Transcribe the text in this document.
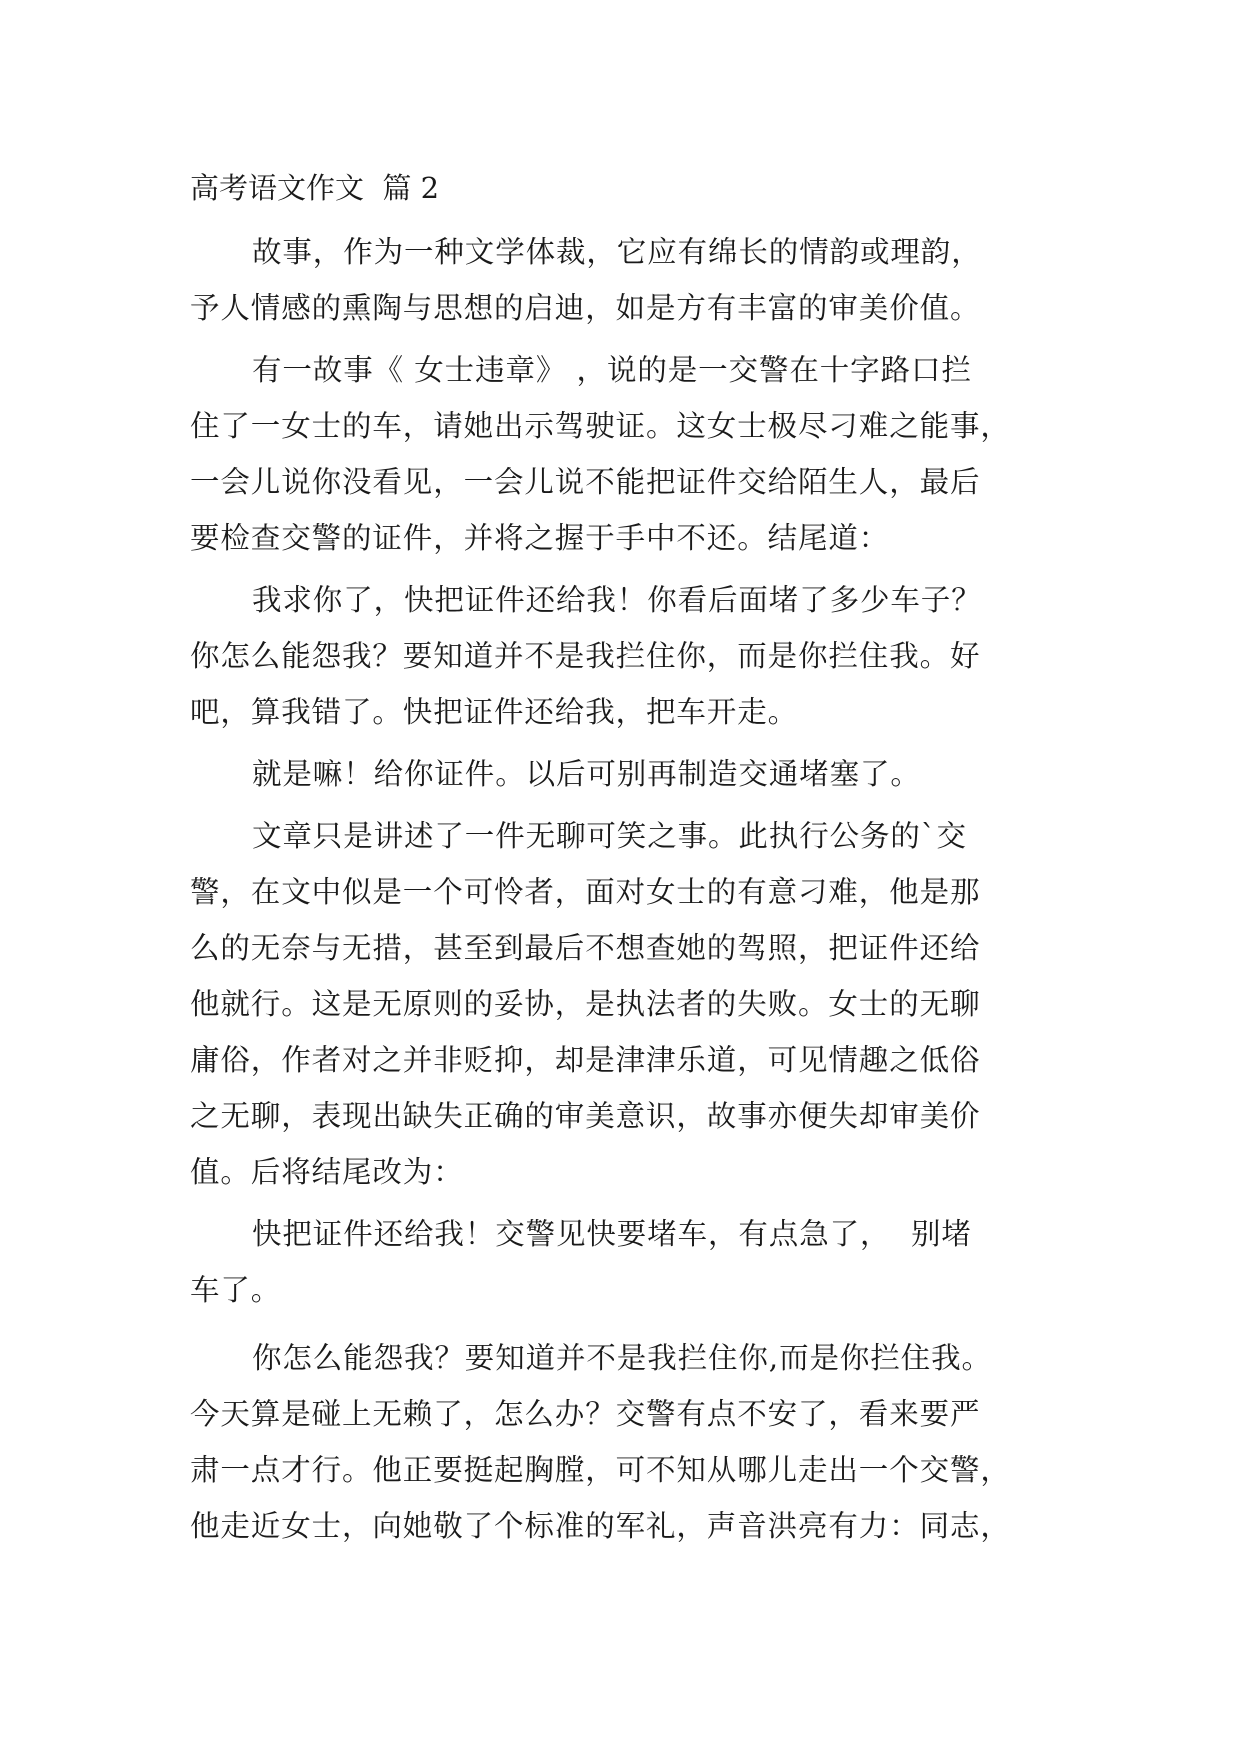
高考语文作文  篇 2
故事，作为一种文学体裁，它应有绵长的情韵或理韵，
予人情感的熏陶与思想的启迪，如是方有丰富的审美价值。
有一故事《 女士违章》 ，说的是一交警在十字路口拦
住了一女士的车，请她出示驾驶证。这女士极尽刁难之能事，
一会儿说你没看见，一会儿说不能把证件交给陌生人，最后
要检查交警的证件，并将之握于手中不还。结尾道：
我求你了，快把证件还给我！你看后面堵了多少车子？
你怎么能怨我？要知道并不是我拦住你，而是你拦住我。好
吧，算我错了。快把证件还给我，把车开走。
就是嘛！给你证件。以后可别再制造交通堵塞了。
文章只是讲述了一件无聊可笑之事。此执行公务的`交
警，在文中似是一个可怜者，面对女士的有意刁难，他是那
么的无奈与无措，甚至到最后不想查她的驾照，把证件还给
他就行。这是无原则的妥协，是执法者的失败。女士的无聊
庸俗，作者对之并非贬抑，却是津津乐道，可见情趣之低俗
之无聊，表现出缺失正确的审美意识，故事亦便失却审美价
值。后将结尾改为：
快把证件还给我！交警见快要堵车，有点急了，  别堵
车了。
你怎么能怨我？要知道并不是我拦住你,而是你拦住我。
今天算是碰上无赖了，怎么办？交警有点不安了，看来要严
肃一点才行。他正要挺起胸膛，可不知从哪儿走出一个交警，
他走近女士，向她敬了个标准的军礼，声音洪亮有力：同志，
